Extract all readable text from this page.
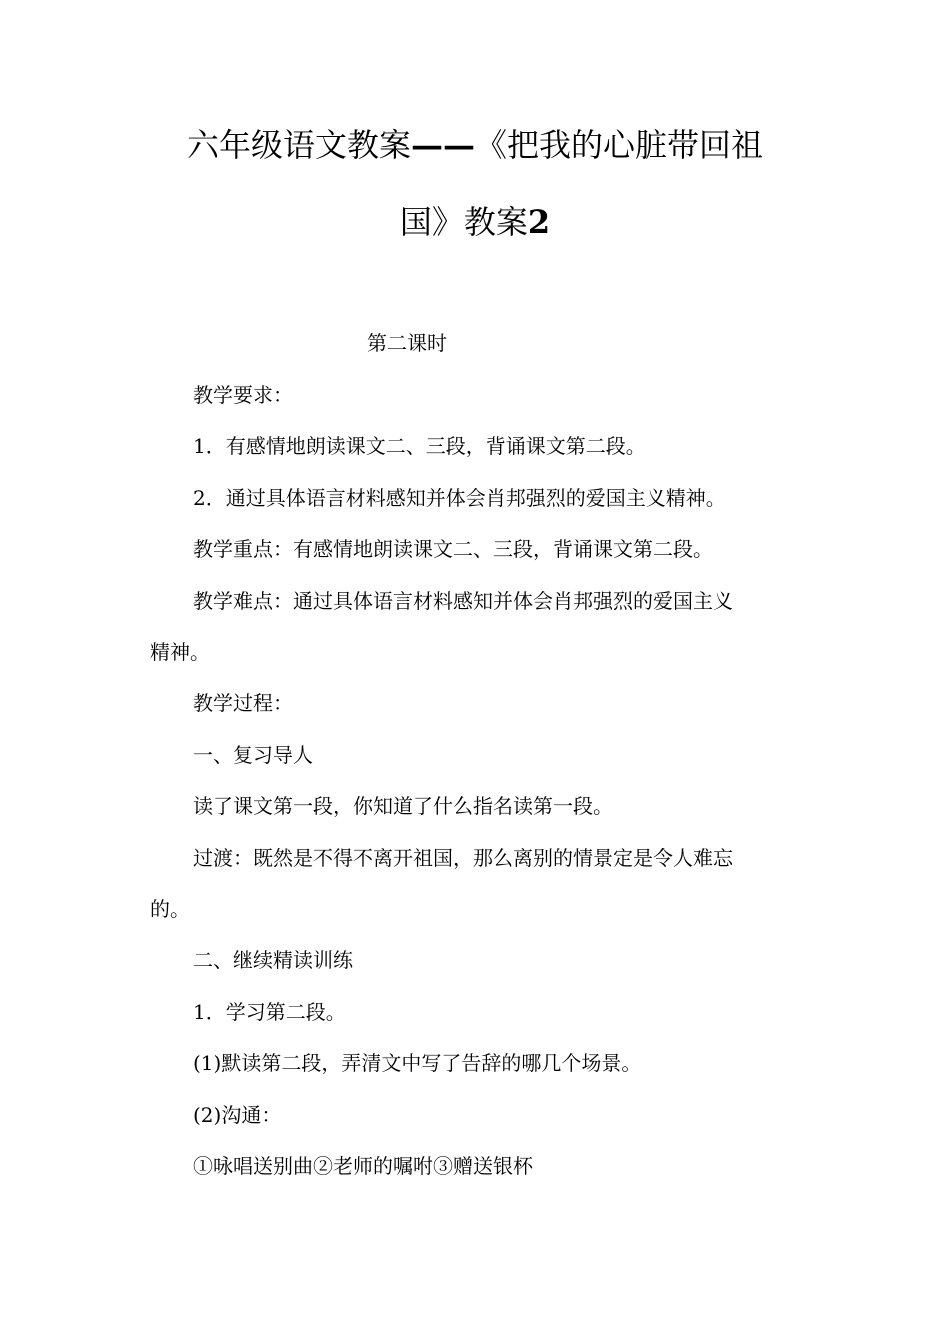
六年级语文教案——《把我的心脏带回祖
国》教案2
第二课时
教学要求：
1．有感情地朗读课文二、三段，背诵课文第二段。
2．通过具体语言材料感知并体会肖邦强烈的爱国主义精神。
教学重点：有感情地朗读课文二、三段，背诵课文第二段。
教学难点：通过具体语言材料感知并体会肖邦强烈的爱国主义
精神。
教学过程：
一、复习导人
读了课文第一段，你知道了什么指名读第一段。
过渡：既然是不得不离开祖国，那么离别的情景定是令人难忘
的。
二、继续精读训练
1．学习第二段。
(1)默读第二段，弄清文中写了告辞的哪几个场景。
(2)沟通：
①咏唱送别曲②老师的嘱咐③赠送银杯
